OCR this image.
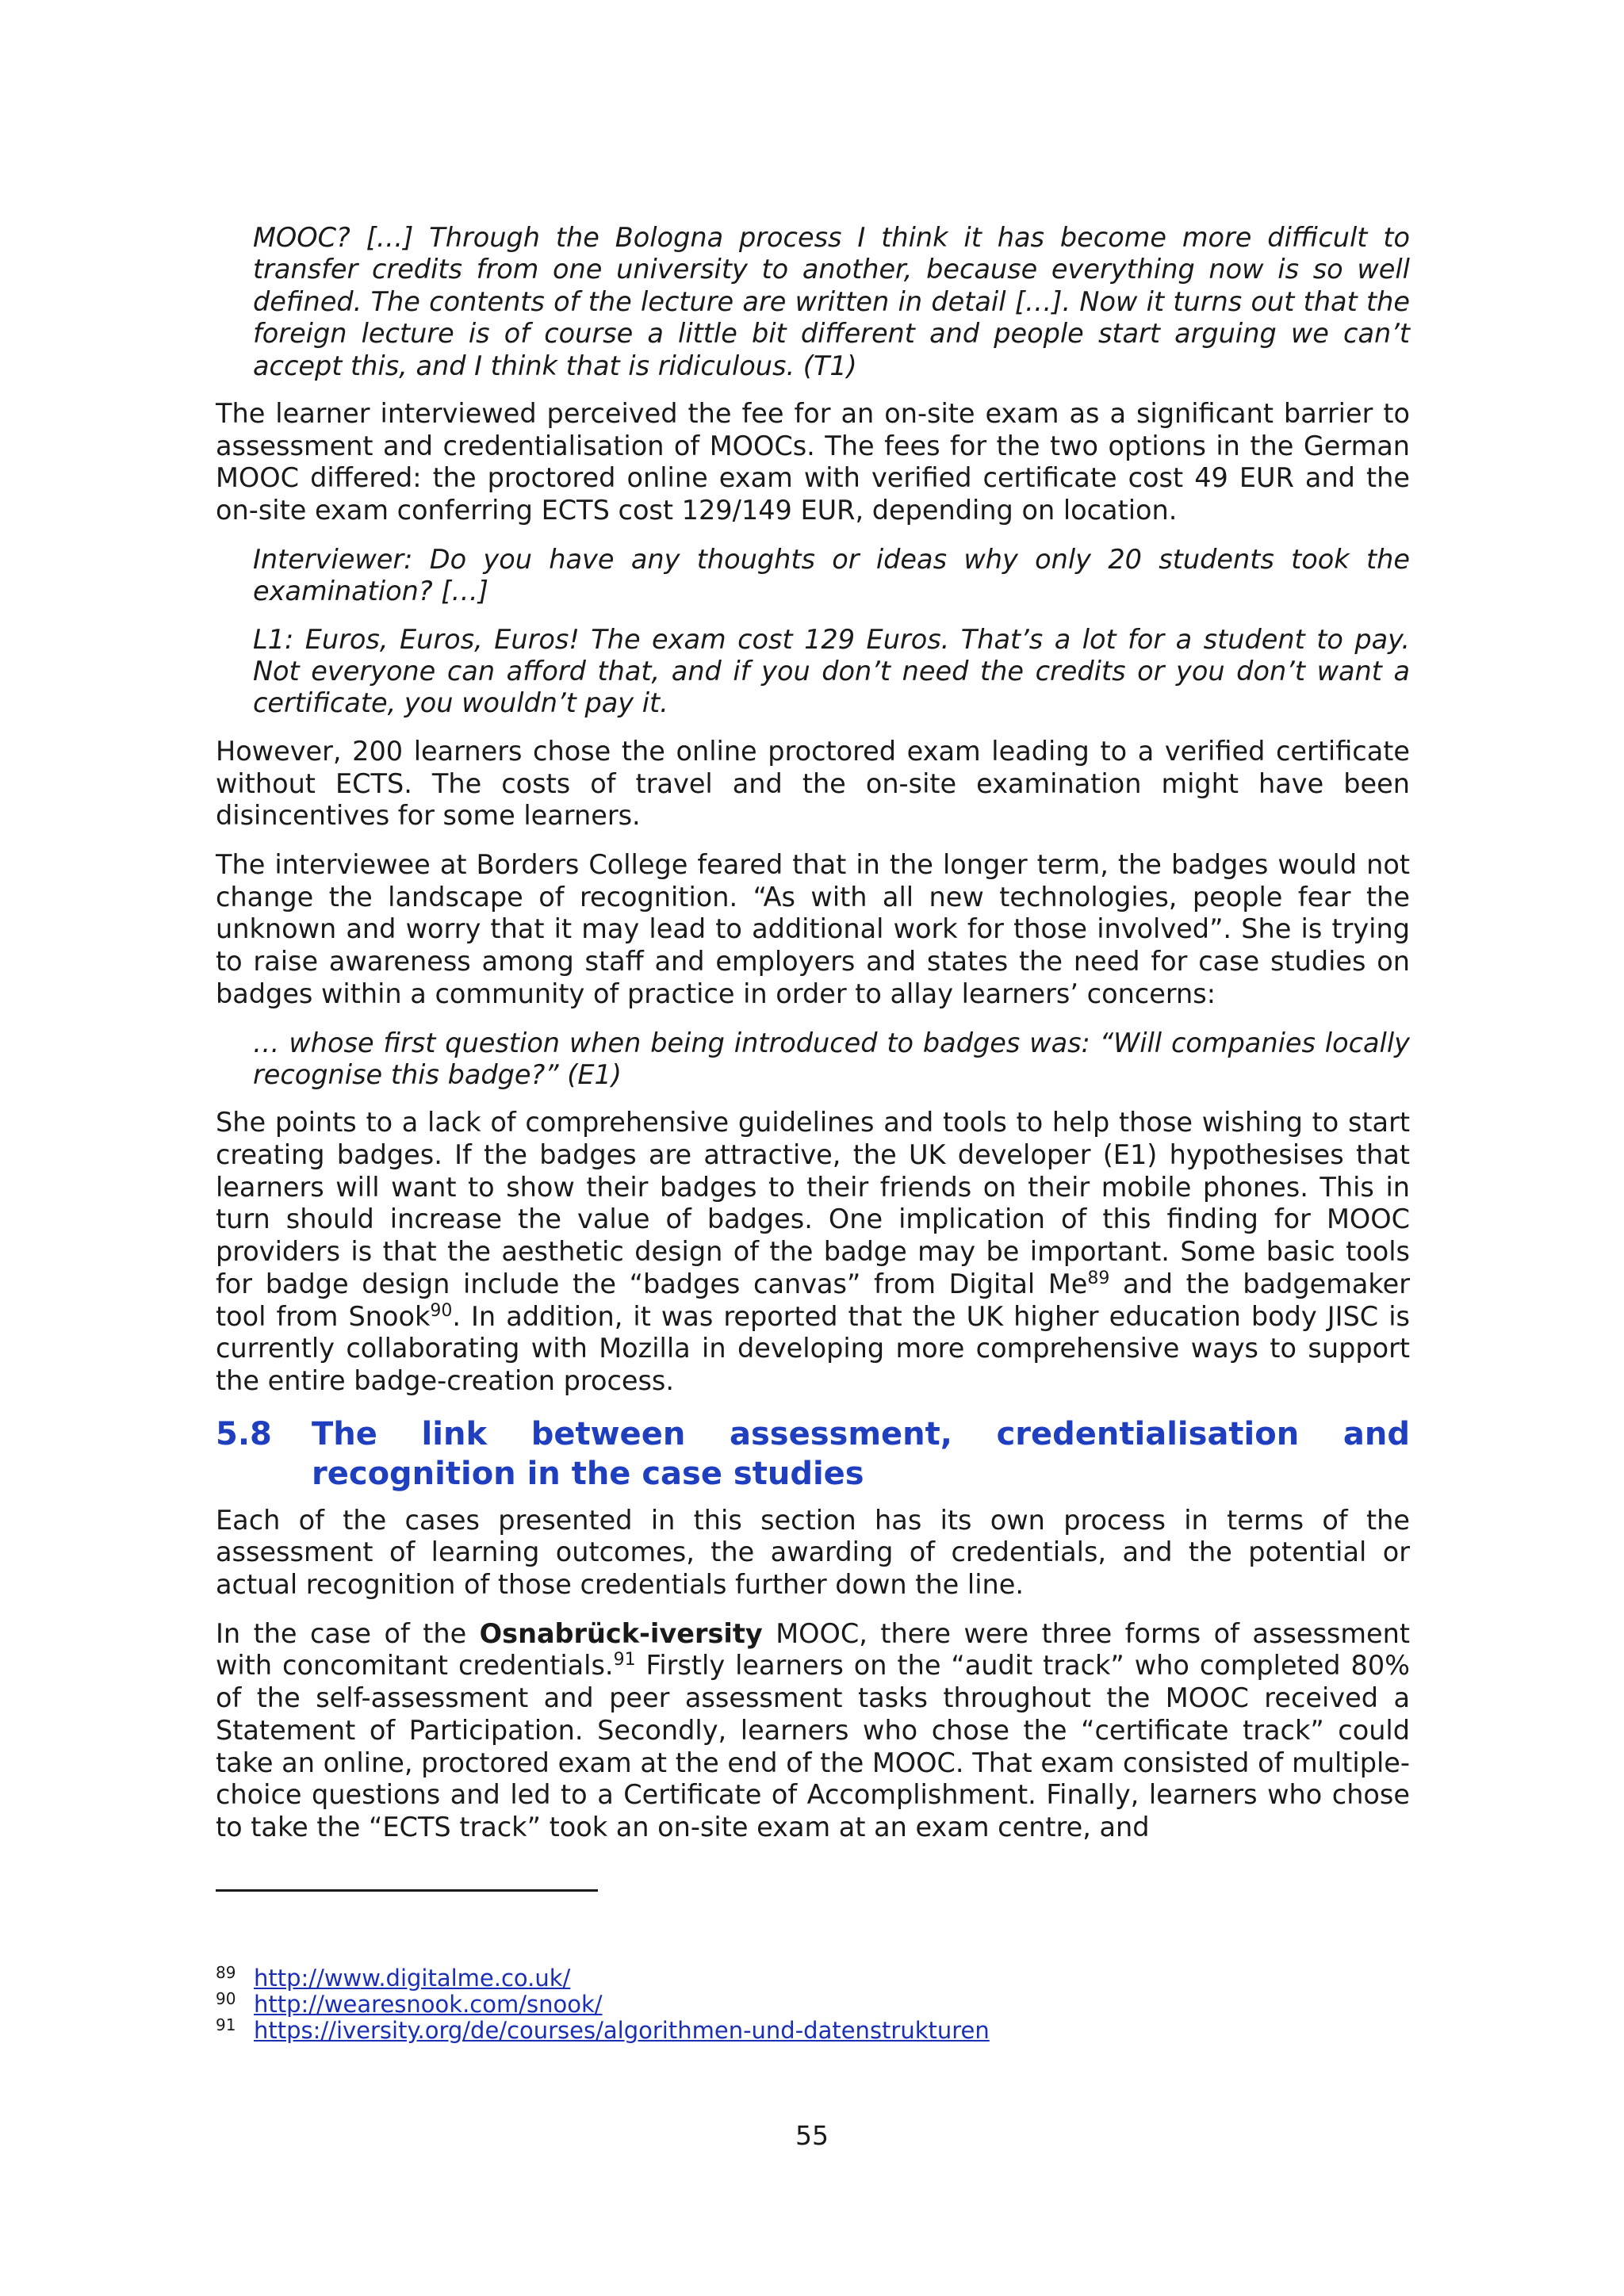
MOOC? […] Through the Bologna process I think it has become more difficult to transfer credits from one university to another, because everything now is so well defined. The contents of the lecture are written in detail […]. Now it turns out that the foreign lecture is of course a little bit different and people start arguing we can’t accept this, and I think that is ridiculous. (T1)

The learner interviewed perceived the fee for an on-site exam as a significant barrier to assessment and credentialisation of MOOCs. The fees for the two options in the German MOOC differed: the proctored online exam with verified certificate cost 49 EUR and the on-site exam conferring ECTS cost 129/149 EUR, depending on location.

Interviewer: Do you have any thoughts or ideas why only 20 students took the examination? […]

L1: Euros, Euros, Euros! The exam cost 129 Euros. That’s a lot for a student to pay. Not everyone can afford that, and if you don’t need the credits or you don’t want a certificate, you wouldn’t pay it.

However, 200 learners chose the online proctored exam leading to a verified certificate without ECTS. The costs of travel and the on-site examination might have been disincentives for some learners.

The interviewee at Borders College feared that in the longer term, the badges would not change the landscape of recognition. “As with all new technologies, people fear the unknown and worry that it may lead to additional work for those involved”. She is trying to raise awareness among staff and employers and states the need for case studies on badges within a community of practice in order to allay learners’ concerns:

… whose first question when being introduced to badges was: “Will companies locally recognise this badge?” (E1)

She points to a lack of comprehensive guidelines and tools to help those wishing to start creating badges. If the badges are attractive, the UK developer (E1) hypothesises that learners will want to show their badges to their friends on their mobile phones. This in turn should increase the value of badges. One implication of this finding for MOOC providers is that the aesthetic design of the badge may be important. Some basic tools for badge design include the “badges canvas” from Digital Me$^{89}$ and the badgemaker tool from Snook$^{90}$. In addition, it was reported that the UK higher education body JISC is currently collaborating with Mozilla in developing more comprehensive ways to support the entire badge-creation process.

5.8	The link between assessment, credentialisation and recognition in the case studies

Each of the cases presented in this section has its own process in terms of the assessment of learning outcomes, the awarding of credentials, and the potential or actual recognition of those credentials further down the line.

In the case of the Osnabrück-iversity MOOC, there were three forms of assessment with concomitant credentials.$^{91}$ Firstly learners on the “audit track” who completed 80% of the self-assessment and peer assessment tasks throughout the MOOC received a Statement of Participation. Secondly, learners who chose the “certificate track” could take an online, proctored exam at the end of the MOOC. That exam consisted of multiple-choice questions and led to a Certificate of Accomplishment. Finally, learners who chose to take the “ECTS track” took an on-site exam at an exam centre, and

89 http://www.digitalme.co.uk/
90 http://wearesnook.com/snook/
91 https://iversity.org/de/courses/algorithmen-und-datenstrukturen
55
